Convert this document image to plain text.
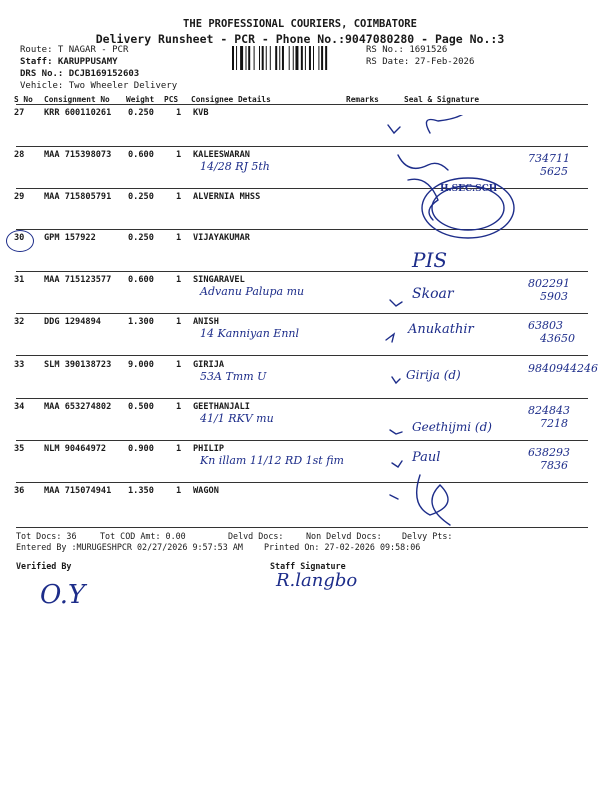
THE PROFESSIONAL COURIERS, COIMBATORE
Delivery Runsheet - PCR - Phone No.:9047080280 - Page No.:3
Route: T NAGAR - PCR
Staff: KARUPPUSAMY
DRS No.: DCJB169152603
Vehicle: Two Wheeler Delivery
RS No.: 1691526
RS Date: 27-Feb-2026
S No Consignment No Weight PCS Consignee Details	Remarks	Seal & Signature
27 KRR 600110261 0.250	1 KVB
28 MAA 715398073 0.600	1 KALEESWARAN
14/28 RJ 5th
734711
5625
29 MAA 715805791 0.250	1 ALVERNIA MHSS
30 GPM 157922	0.250	1 VIJAYAKUMAR
31 MAA 715123577 0.600	1 SINGARAVEL
Advanu Palupa mu
802291
5903
32 DDG 1294894	1.300	1 ANISH
14 Kanniyan Ennl
63803
43650
33 SLM 390138723 9.000	1 GIRIJA
53A Tmm U
9840944246
34 MAA 653274802 0.500	1 GEETHANJALI
41/1 RKV mu
824843
7218
35 NLM 90464972	0.900	1 PHILIP
Kn illam 11/12 RD 1st fim
638293
7836
36 MAA 715074941 1.350	1 WAGON
PIS
Skoar
Anukathir
Girija (d)
Geethijmi (d)
Paul
H.SEC.SCH
Tot Docs: 36	Tot COD Amt: 0.00	Delvd Docs:	Non Delvd Docs: Delvy Pts:
Entered By :MURUGESHPCR 02/27/2026 9:57:53 AM	Printed On: 27-02-2026 09:58:06
Verified By	Staff Signature
O.Y	R.langbo
